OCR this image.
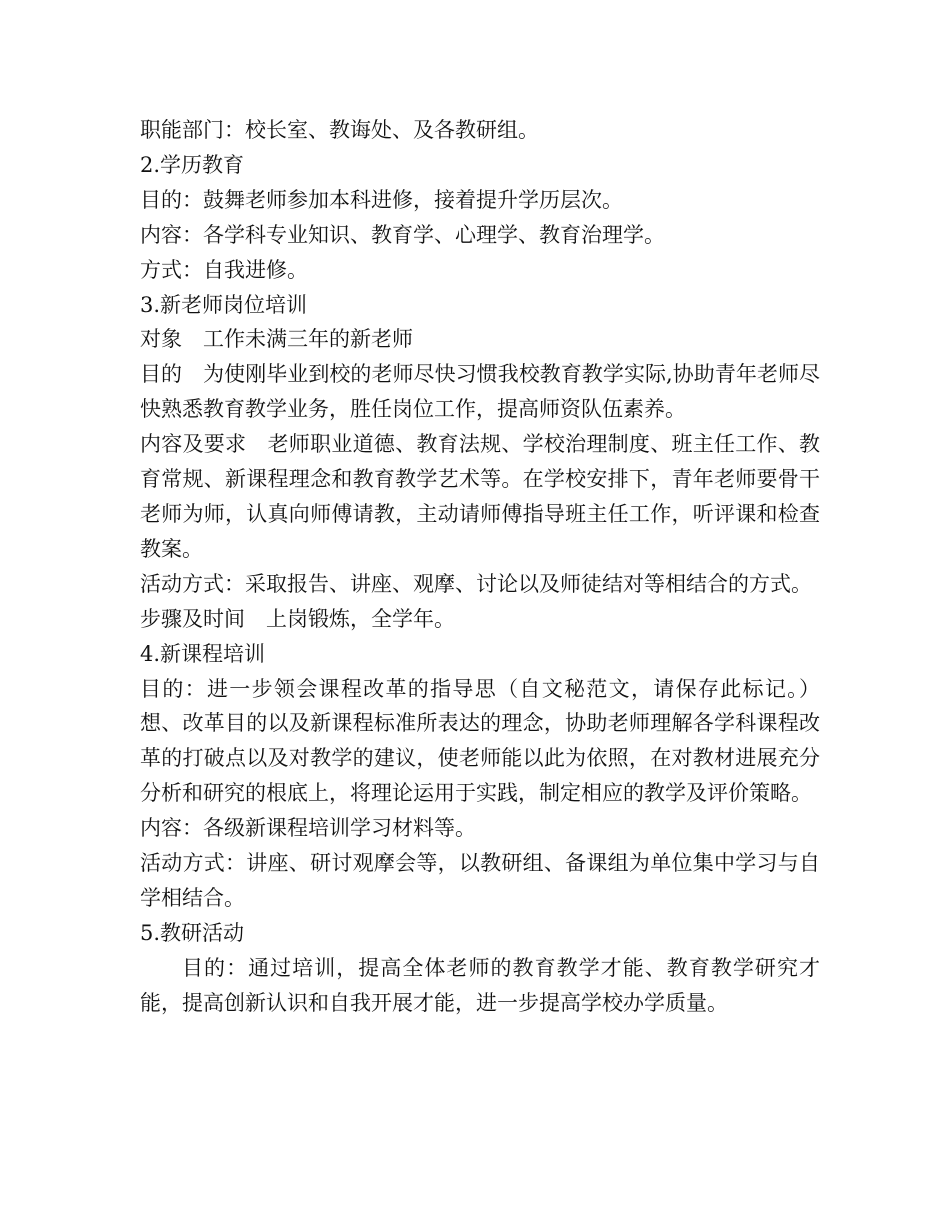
职能部门：校长室、教诲处、及各教研组。

2.学历教育

目的：鼓舞老师参加本科进修，接着提升学历层次。

内容：各学科专业知识、教育学、心理学、教育治理学。

方式：自我进修。

3.新老师岗位培训

对象　工作未满三年的新老师

目的　为使刚毕业到校的老师尽快习惯我校教育教学实际,协助青年老师尽快熟悉教育教学业务，胜任岗位工作，提高师资队伍素养。

内容及要求　老师职业道德、教育法规、学校治理制度、班主任工作、教育常规、新课程理念和教育教学艺术等。在学校安排下，青年老师要骨干老师为师，认真向师傅请教，主动请师傅指导班主任工作，听评课和检查教案。

活动方式：采取报告、讲座、观摩、讨论以及师徒结对等相结合的方式。

步骤及时间　上岗锻炼，全学年。

4.新课程培训

目的：进一步领会课程改革的指导思（自文秘范文，请保存此标记。）想、改革目的以及新课程标准所表达的理念，协助老师理解各学科课程改革的打破点以及对教学的建议，使老师能以此为依照，在对教材进展充分分析和研究的根底上，将理论运用于实践，制定相应的教学及评价策略。

内容：各级新课程培训学习材料等。

活动方式：讲座、研讨观摩会等，以教研组、备课组为单位集中学习与自学相结合。

5.教研活动

目的：通过培训，提高全体老师的教育教学才能、教育教学研究才能，提高创新认识和自我开展才能，进一步提高学校办学质量。
